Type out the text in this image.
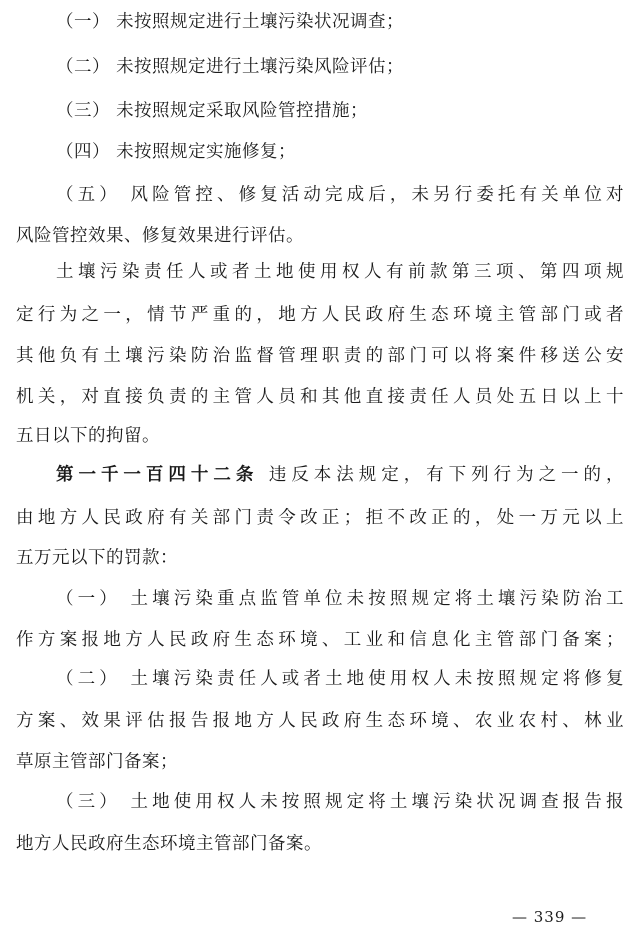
（一） 未按照规定进行土壤污染状况调查；
（二） 未按照规定进行土壤污染风险评估；
（三） 未按照规定采取风险管控措施；
（四） 未按照规定实施修复；
（五） 风险管控、修复活动完成后，未另行委托有关单位对
风险管控效果、修复效果进行评估。
土壤污染责任人或者土地使用权人有前款第三项、第四项规
定行为之一，情节严重的，地方人民政府生态环境主管部门或者
其他负有土壤污染防治监督管理职责的部门可以将案件移送公安
机关，对直接负责的主管人员和其他直接责任人员处五日以上十
五日以下的拘留。
第一千一百四十二条 违反本法规定，有下列行为之一的，
由地方人民政府有关部门责令改正；拒不改正的，处一万元以上
五万元以下的罚款：
（一） 土壤污染重点监管单位未按照规定将土壤污染防治工
作方案报地方人民政府生态环境、工业和信息化主管部门备案；
（二） 土壤污染责任人或者土地使用权人未按照规定将修复
方案、效果评估报告报地方人民政府生态环境、农业农村、林业
草原主管部门备案；
（三） 土地使用权人未按照规定将土壤污染状况调查报告报
地方人民政府生态环境主管部门备案。
— 339 —
